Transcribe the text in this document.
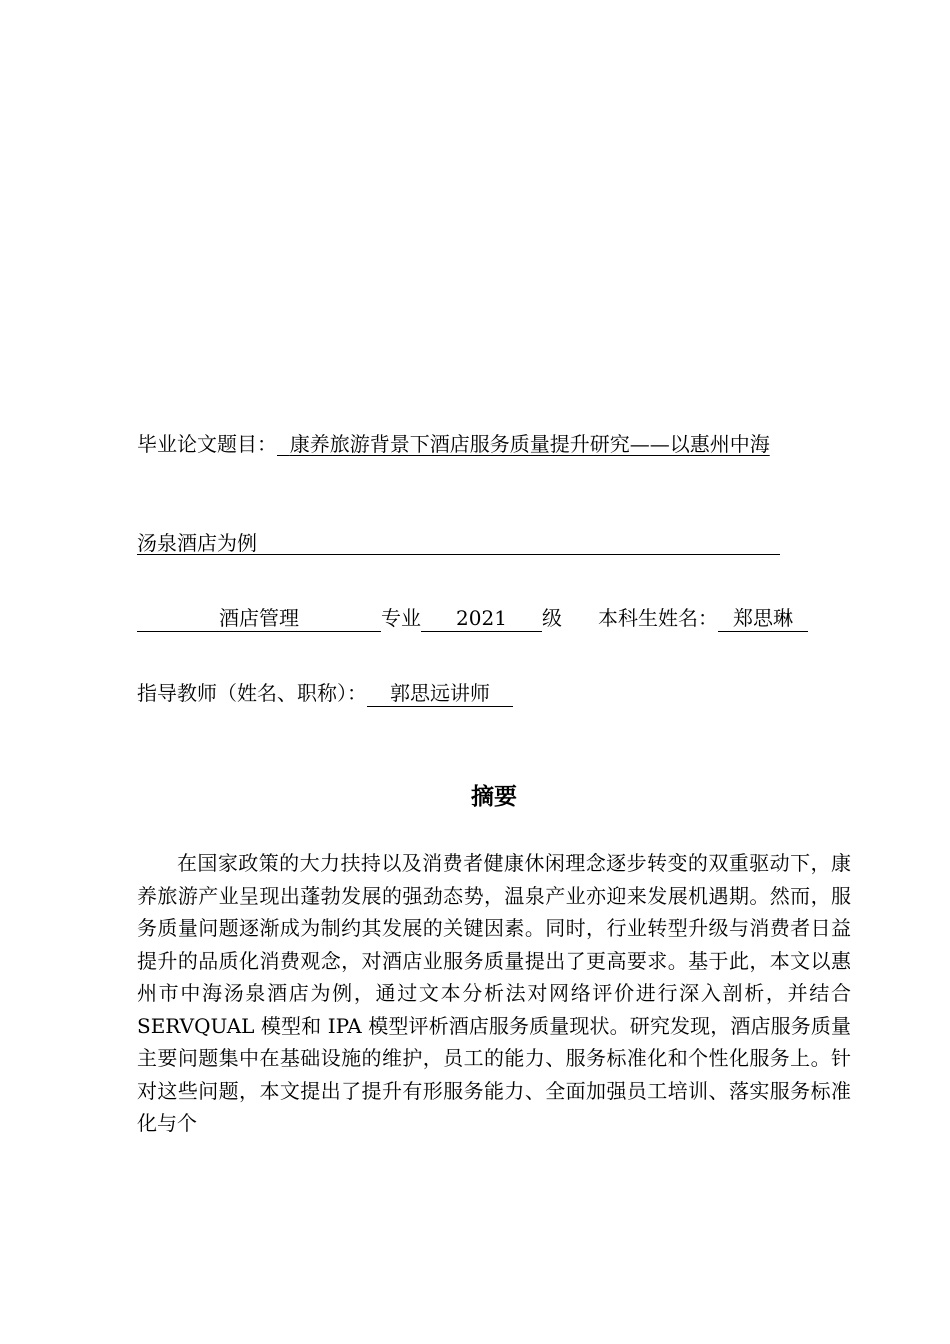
毕业论文题目： 康养旅游背景下酒店服务质量提升研究——以惠州中海
汤泉酒店为例
酒店管理	专业 2021 级 本科生姓名： 郑思琳
指导教师（姓名、职称）： 郭思远讲师
摘要

在国家政策的大力扶持以及消费者健康休闲理念逐步转变的双重驱动下，康养旅游产业呈现出蓬勃发展的强劲态势，温泉产业亦迎来发展机遇期。然而，服务质量问题逐渐成为制约其发展的关键因素。同时，行业转型升级与消费者日益提升的品质化消费观念，对酒店业服务质量提出了更高要求。基于此，本文以惠州市中海汤泉酒店为例，通过文本分析法对网络评价进行深入剖析，并结合 SERVQUAL 模型和 IPA 模型评析酒店服务质量现状。研究发现，酒店服务质量主要问题集中在基础设施的维护，员工的能力、服务标准化和个性化服务上。针对这些问题，本文提出了提升有形服务能力、全面加强员工培训、落实服务标准化与个
